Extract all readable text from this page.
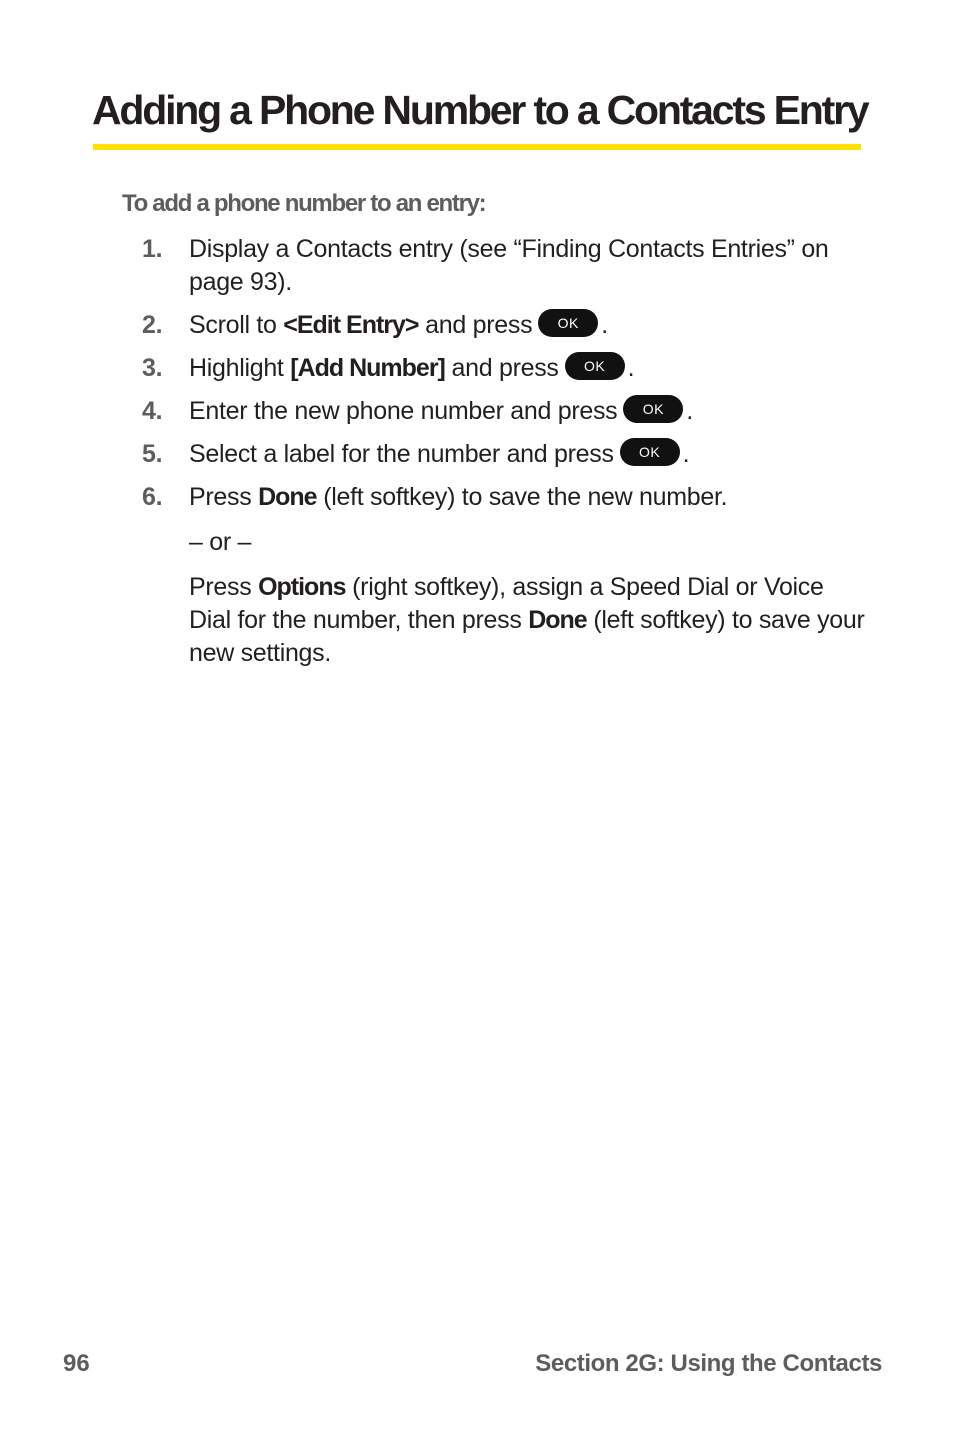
Adding a Phone Number to a Contacts Entry

To add a phone number to an entry:

1. Display a Contacts entry (see “Finding Contacts Entries” on page 93).
2. Scroll to <Edit Entry> and press OK .
3. Highlight [Add Number] and press OK .
4. Enter the new phone number and press OK .
5. Select a label for the number and press OK .
6. Press Done (left softkey) to save the new number.
– or –
Press Options (right softkey), assign a Speed Dial or Voice Dial for the number, then press Done (left softkey) to save your new settings.
96	Section 2G: Using the Contacts
